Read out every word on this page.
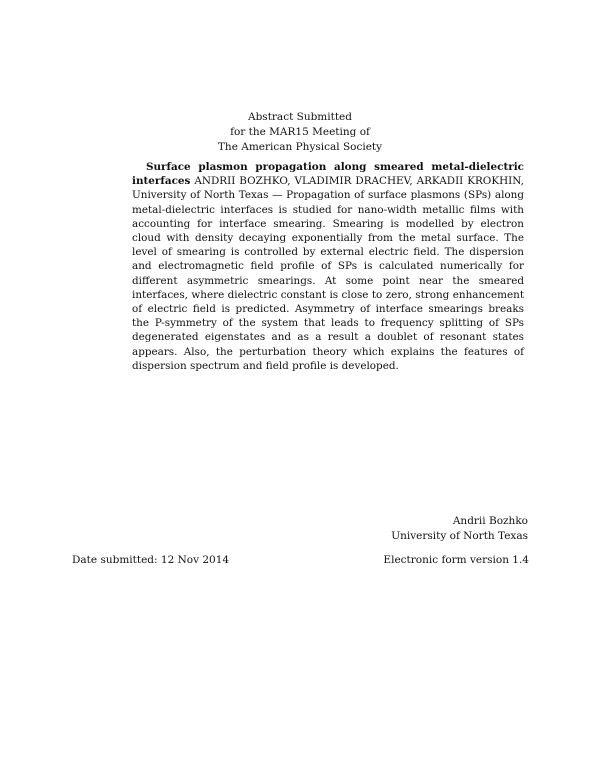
Abstract Submitted
for the MAR15 Meeting of
The American Physical Society
Surface plasmon propagation along smeared metal-dielectric interfaces ANDRII BOZHKO, VLADIMIR DRACHEV, ARKADII KROKHIN, University of North Texas — Propagation of surface plasmons (SPs) along metal-dielectric interfaces is studied for nano-width metallic films with accounting for interface smearing. Smearing is modelled by electron cloud with density decaying exponentially from the metal surface. The level of smearing is controlled by external electric field. The dispersion and electromagnetic field profile of SPs is calculated numerically for different asymmetric smearings. At some point near the smeared interfaces, where dielectric constant is close to zero, strong enhancement of electric field is predicted. Asymmetry of interface smearings breaks the P-symmetry of the system that leads to frequency splitting of SPs degenerated eigenstates and as a result a doublet of resonant states appears. Also, the perturbation theory which explains the features of dispersion spectrum and field profile is developed.
Andrii Bozhko
University of North Texas
Date submitted: 12 Nov 2014	Electronic form version 1.4
